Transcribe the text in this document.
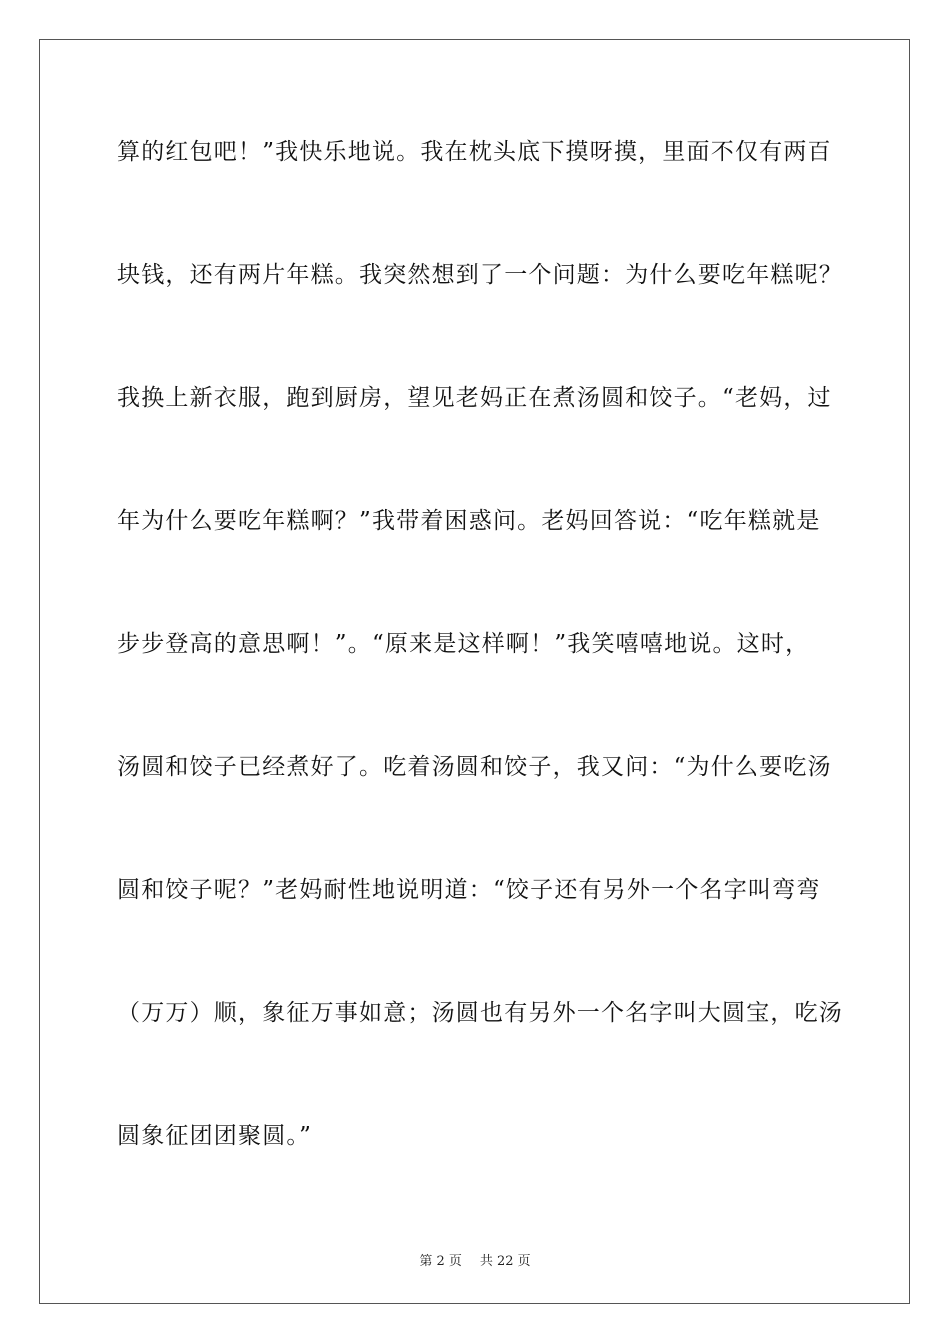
算的红包吧！”我快乐地说。我在枕头底下摸呀摸，里面不仅有两百

块钱，还有两片年糕。我突然想到了一个问题：为什么要吃年糕呢？

我换上新衣服，跑到厨房，望见老妈正在煮汤圆和饺子。“老妈，过

年为什么要吃年糕啊？”我带着困惑问。老妈回答说：“吃年糕就是

步步登高的意思啊！”。“原来是这样啊！”我笑嘻嘻地说。这时，

汤圆和饺子已经煮好了。吃着汤圆和饺子，我又问：“为什么要吃汤

圆和饺子呢？”老妈耐性地说明道：“饺子还有另外一个名字叫弯弯

（万万）顺，象征万事如意；汤圆也有另外一个名字叫大圆宝，吃汤

圆象征团团聚圆。”

第 2 页 共 22 页
